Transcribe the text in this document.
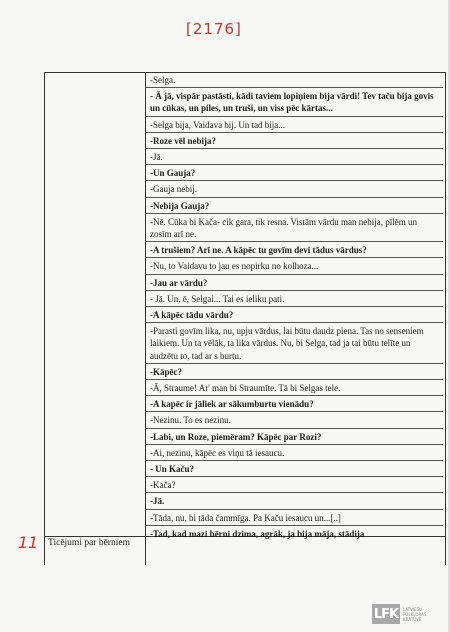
[2176]
11 Ticējumi par bērniem
-Selga.
- Ā jā, vispār pastāsti, kādi taviem lopiņiem bija vārdi! Tev taču bija govis un cūkas, un piles, un truši, un viss pēc kārtas...
-Selga bija, Vaidava bij. Un tad bija...
-Roze vēl nebija?
-Jā.
-Un Gauja?
-Gauja nebij.
-Nebija Gauja?
-Nē. Cūka bi Kača- cik gara, tik resna. Vistām vārdu man nebija, pīlēm un zosīm arī ne.
-A trušiem? Arī ne. A kāpēc tu govīm devi tādus vārdus?
-Nu, to Vaidavu to jau es nopirku no kolhoza...
-Jau ar vārdu?
- Jā. Un, ē, Selgai... Tai es ieliku pati.
-A kāpēc tādu vārdu?
-Parasti govīm lika, nu, upju vārdus, lai būtu daudz piena. Tas no senseniem laikiem. Un ta vēlāk, ta lika vārdus. Nu, bi Selga, tad ja tai būtu telīte un audzētu to, tad ar s burtu.
-Kāpēc?
-Ā, Straume! Ar' man bi Straumīte. Tā bi Selgas tele.
-A kapēc ir jāliek ar sākumburtu vienādu?
-Nezinu. To es nezinu.
-Labi, un Roze, piemēram? Kāpēc par Rozi?
-Ai, nezinu, kāpēc es viņu tā iesaucu.
- Un Kaču?
-Kača?
-Jā.
-Tāda, nu, bi tāda čammīga. Pa Kaču iesaucu un...[..]
-Tad, kad mazi bērni dzima, agrāk, ja bija māja, stādija
LFK	LATVIEŠU
FOLKLORAS
KRĀTUVE
